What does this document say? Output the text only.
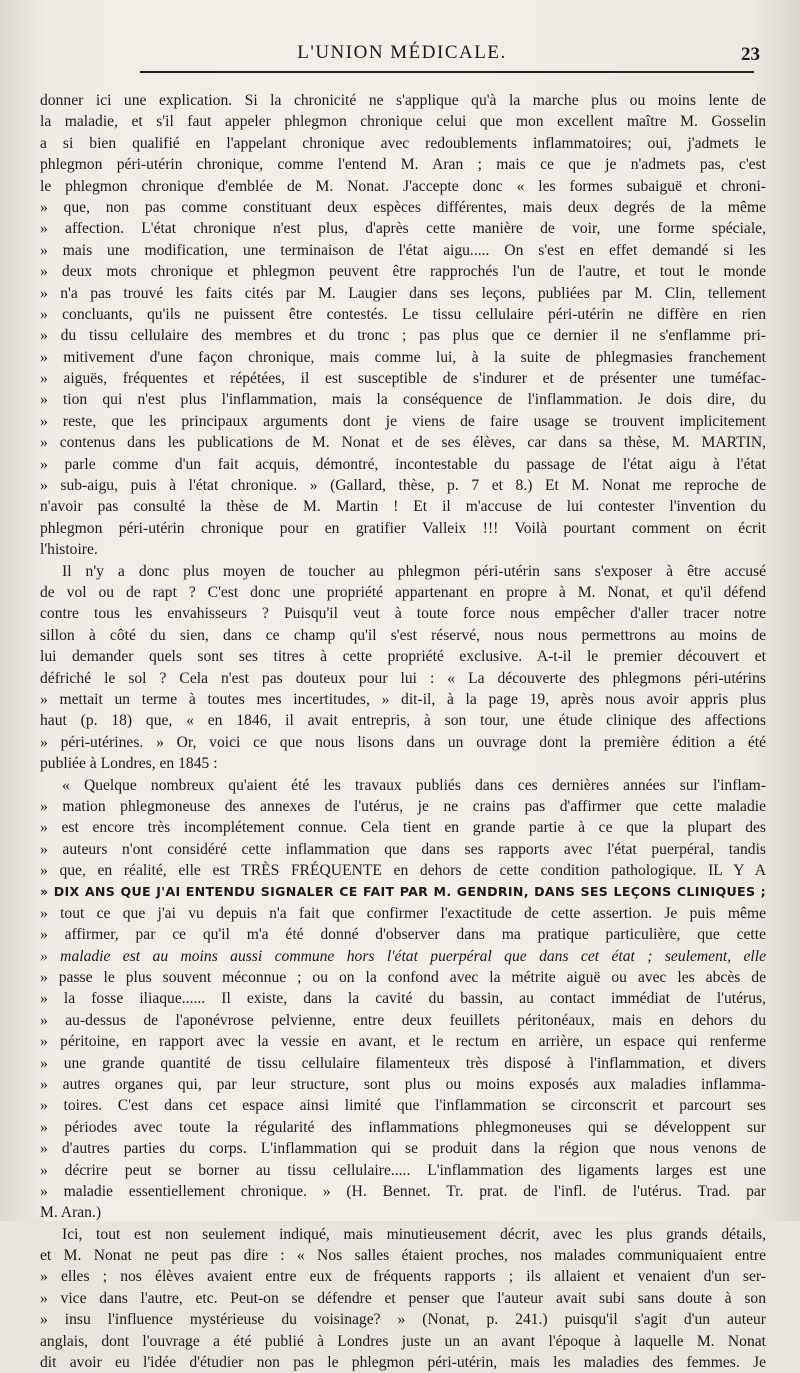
L'UNION MÉDICALE.	23
donner ici une explication. Si la chronicité ne s'applique qu'à la marche plus ou moins lente de
la maladie, et s'il faut appeler phlegmon chronique celui que mon excellent maître M. Gosselin
a si bien qualifié en l'appelant chronique avec redoublements inflammatoires; oui, j'admets le
phlegmon péri-utérin chronique, comme l'entend M. Aran ; mais ce que je n'admets pas, c'est
le phlegmon chronique d'emblée de M. Nonat. J'accepte donc « les formes subaiguë et chroni-
» que, non pas comme constituant deux espèces différentes, mais deux degrés de la même
» affection. L'état chronique n'est plus, d'après cette manière de voir, une forme spéciale,
» mais une modification, une terminaison de l'état aigu..... On s'est en effet demandé si les
» deux mots chronique et phlegmon peuvent être rapprochés l'un de l'autre, et tout le monde
» n'a pas trouvé les faits cités par M. Laugier dans ses leçons, publiées par M. Clin, tellement
» concluants, qu'ils ne puissent être contestés. Le tissu cellulaire péri-utérin ne diffère en rien
» du tissu cellulaire des membres et du tronc ; pas plus que ce dernier il ne s'enflamme pri-
» mitivement d'une façon chronique, mais comme lui, à la suite de phlegmasies franchement
» aiguës, fréquentes et répétées, il est susceptible de s'indurer et de présenter une tuméfac-
» tion qui n'est plus l'inflammation, mais la conséquence de l'inflammation. Je dois dire, du
» reste, que les principaux arguments dont je viens de faire usage se trouvent implicitement
» contenus dans les publications de M. Nonat et de ses élèves, car dans sa thèse, M. MARTIN,
» parle comme d'un fait acquis, démontré, incontestable du passage de l'état aigu à l'état
» sub-aigu, puis à l'état chronique. » (Gallard, thèse, p. 7 et 8.) Et M. Nonat me reproche de
n'avoir pas consulté la thèse de M. Martin ! Et il m'accuse de lui contester l'invention du
phlegmon péri-utérin chronique pour en gratifier Valleix !!! Voilà pourtant comment on écrit
l'histoire.
Il n'y a donc plus moyen de toucher au phlegmon péri-utérin sans s'exposer à être accusé
de vol ou de rapt ? C'est donc une propriété appartenant en propre à M. Nonat, et qu'il défend
contre tous les envahisseurs ? Puisqu'il veut à toute force nous empêcher d'aller tracer notre
sillon à côté du sien, dans ce champ qu'il s'est réservé, nous nous permettrons au moins de
lui demander quels sont ses titres à cette propriété exclusive. A-t-il le premier découvert et
défriché le sol ? Cela n'est pas douteux pour lui : « La découverte des phlegmons péri-utérins
» mettait un terme à toutes mes incertitudes, » dit-il, à la page 19, après nous avoir appris plus
haut (p. 18) que, « en 1846, il avait entrepris, à son tour, une étude clinique des affections
» péri-utérines. » Or, voici ce que nous lisons dans un ouvrage dont la première édition a été
publiée à Londres, en 1845 :
« Quelque nombreux qu'aient été les travaux publiés dans ces dernières années sur l'inflam-
» mation phlegmoneuse des annexes de l'utérus, je ne crains pas d'affirmer que cette maladie
» est encore très incomplétement connue. Cela tient en grande partie à ce que la plupart des
» auteurs n'ont considéré cette inflammation que dans ses rapports avec l'état puerpéral, tandis
» que, en réalité, elle est TRÈS FRÉQUENTE en dehors de cette condition pathologique. IL Y A
» DIX ANS QUE J'AI ENTENDU SIGNALER CE FAIT PAR M. GENDRIN, DANS SES LEÇONS CLINIQUES ;
» tout ce que j'ai vu depuis n'a fait que confirmer l'exactitude de cette assertion. Je puis même
» affirmer, par ce qu'il m'a été donné d'observer dans ma pratique particulière, que cette
» maladie est au moins aussi commune hors l'état puerpéral que dans cet état ; seulement, elle
» passe le plus souvent méconnue ; ou on la confond avec la métrite aiguë ou avec les abcès de
» la fosse iliaque...... Il existe, dans la cavité du bassin, au contact immédiat de l'utérus,
» au-dessus de l'aponévrose pelvienne, entre deux feuillets péritonéaux, mais en dehors du
» péritoine, en rapport avec la vessie en avant, et le rectum en arrière, un espace qui renferme
» une grande quantité de tissu cellulaire filamenteux très disposé à l'inflammation, et divers
» autres organes qui, par leur structure, sont plus ou moins exposés aux maladies inflamma-
» toires. C'est dans cet espace ainsi limité que l'inflammation se circonscrit et parcourt ses
» périodes avec toute la régularité des inflammations phlegmoneuses qui se développent sur
» d'autres parties du corps. L'inflammation qui se produit dans la région que nous venons de
» décrire peut se borner au tissu cellulaire..... L'inflammation des ligaments larges est une
» maladie essentiellement chronique. » (H. Bennet. Tr. prat. de l'infl. de l'utérus. Trad. par
M. Aran.)
Ici, tout est non seulement indiqué, mais minutieusement décrit, avec les plus grands détails,
et M. Nonat ne peut pas dire : « Nos salles étaient proches, nos malades communiquaient entre
» elles ; nos élèves avaient entre eux de fréquents rapports ; ils allaient et venaient d'un ser-
» vice dans l'autre, etc. Peut-on se défendre et penser que l'auteur avait subi sans doute à son
» insu l'influence mystérieuse du voisinage? » (Nonat, p. 241.) puisqu'il s'agit d'un auteur
anglais, dont l'ouvrage a été publié à Londres juste un an avant l'époque à laquelle M. Nonat
dit avoir eu l'idée d'étudier non pas le phlegmon péri-utérin, mais les maladies des femmes. Je
